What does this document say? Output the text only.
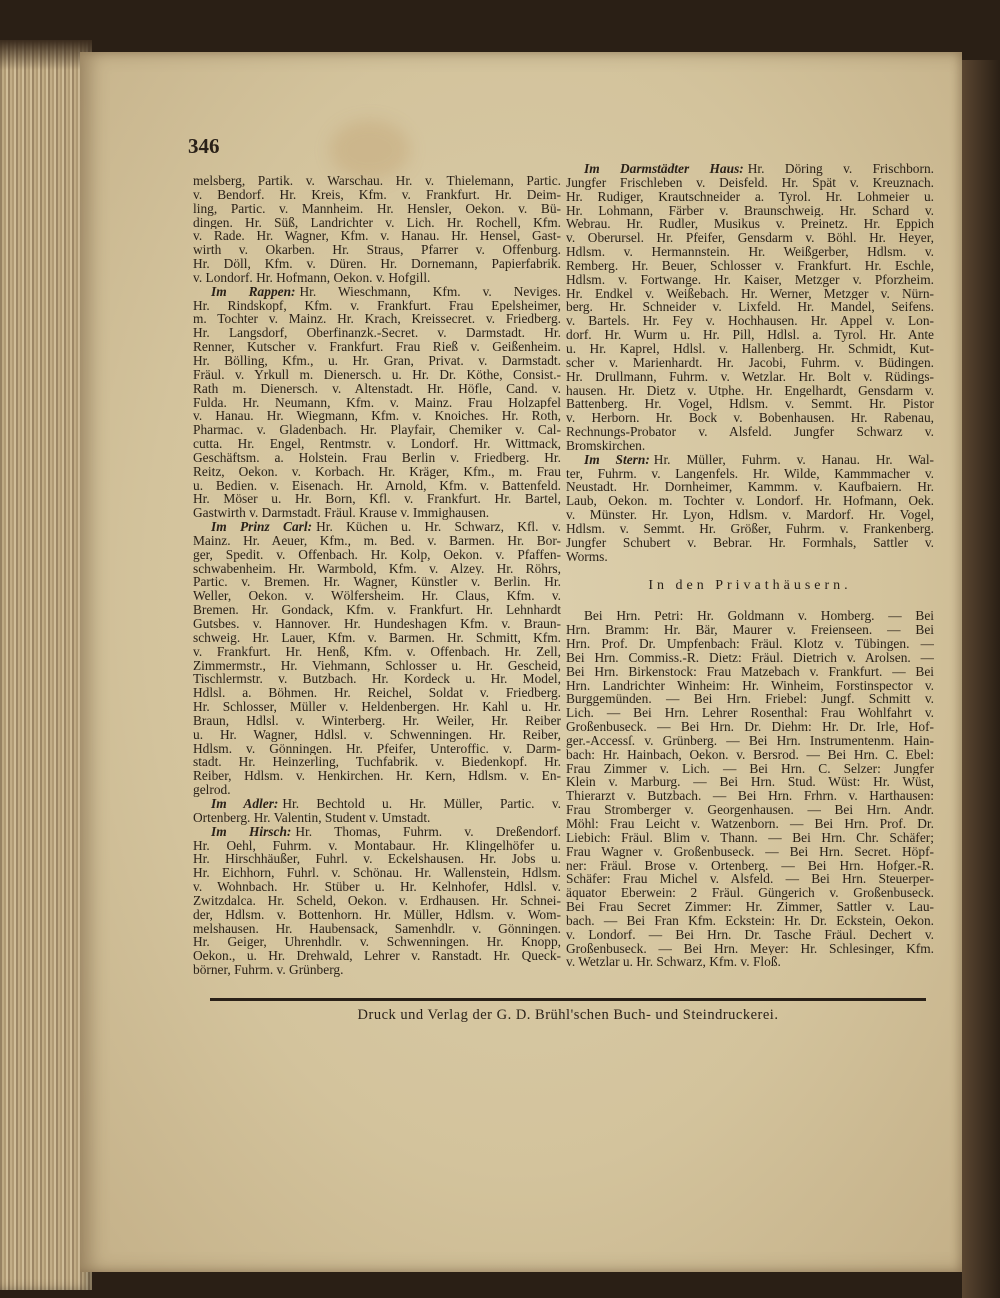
346
melsberg, Partik. v. Warschau. Hr. v. Thielemann, Partic.
v. Bendorf. Hr. Kreis, Kfm. v. Frankfurt. Hr. Deim-
ling, Partic. v. Mannheim. Hr. Hensler, Oekon. v. Bü-
dingen. Hr. Süß, Landrichter v. Lich. Hr. Rochell, Kfm.
v. Rade. Hr. Wagner, Kfm. v. Hanau. Hr. Hensel, Gast-
wirth v. Okarben. Hr. Straus, Pfarrer v. Offenburg.
Hr. Döll, Kfm. v. Düren. Hr. Dornemann, Papierfabrik.
v. Londorf. Hr. Hofmann, Oekon. v. Hofgill.
Im Rappen: Hr. Wieschmann, Kfm. v. Neviges.
Hr. Rindskopf, Kfm. v. Frankfurt. Frau Epelsheimer,
m. Tochter v. Mainz. Hr. Krach, Kreissecret. v. Friedberg.
Hr. Langsdorf, Oberfinanzk.-Secret. v. Darmstadt. Hr.
Renner, Kutscher v. Frankfurt. Frau Rieß v. Geißenheim.
Hr. Bölling, Kfm., u. Hr. Gran, Privat. v. Darmstadt.
Fräul. v. Yrkull m. Dienersch. u. Hr. Dr. Köthe, Consist.-
Rath m. Dienersch. v. Altenstadt. Hr. Höfle, Cand. v.
Fulda. Hr. Neumann, Kfm. v. Mainz. Frau Holzapfel
v. Hanau. Hr. Wiegmann, Kfm. v. Knoiches. Hr. Roth,
Pharmac. v. Gladenbach. Hr. Playfair, Chemiker v. Cal-
cutta. Hr. Engel, Rentmstr. v. Londorf. Hr. Wittmack,
Geschäftsm. a. Holstein. Frau Berlin v. Friedberg. Hr.
Reitz, Oekon. v. Korbach. Hr. Kräger, Kfm., m. Frau
u. Bedien. v. Eisenach. Hr. Arnold, Kfm. v. Battenfeld.
Hr. Möser u. Hr. Born, Kfl. v. Frankfurt. Hr. Bartel,
Gastwirth v. Darmstadt. Fräul. Krause v. Immighausen.
Im Prinz Carl: Hr. Küchen u. Hr. Schwarz, Kfl. v.
Mainz. Hr. Aeuer, Kfm., m. Bed. v. Barmen. Hr. Bor-
ger, Spedit. v. Offenbach. Hr. Kolp, Oekon. v. Pfaffen-
schwabenheim. Hr. Warmbold, Kfm. v. Alzey. Hr. Röhrs,
Partic. v. Bremen. Hr. Wagner, Künstler v. Berlin. Hr.
Weller, Oekon. v. Wölfersheim. Hr. Claus, Kfm. v.
Bremen. Hr. Gondack, Kfm. v. Frankfurt. Hr. Lehnhardt
Gutsbes. v. Hannover. Hr. Hundeshagen Kfm. v. Braun-
schweig. Hr. Lauer, Kfm. v. Barmen. Hr. Schmitt, Kfm.
v. Frankfurt. Hr. Henß, Kfm. v. Offenbach. Hr. Zell,
Zimmermstr., Hr. Viehmann, Schlosser u. Hr. Gescheid,
Tischlermstr. v. Butzbach. Hr. Kordeck u. Hr. Model,
Hdlsl. a. Böhmen. Hr. Reichel, Soldat v. Friedberg.
Hr. Schlosser, Müller v. Heldenbergen. Hr. Kahl u. Hr.
Braun, Hdlsl. v. Winterberg. Hr. Weiler, Hr. Reiber
u. Hr. Wagner, Hdlsl. v. Schwenningen. Hr. Reiber,
Hdlsm. v. Gönningen. Hr. Pfeifer, Unteroffic. v. Darm-
stadt. Hr. Heinzerling, Tuchfabrik. v. Biedenkopf. Hr.
Reiber, Hdlsm. v. Henkirchen. Hr. Kern, Hdlsm. v. En-
gelrod.
Im Adler: Hr. Bechtold u. Hr. Müller, Partic. v.
Ortenberg. Hr. Valentin, Student v. Umstadt.
Im Hirsch: Hr. Thomas, Fuhrm. v. Dreßendorf.
Hr. Oehl, Fuhrm. v. Montabaur. Hr. Klingelhöfer u.
Hr. Hirschhäußer, Fuhrl. v. Eckelshausen. Hr. Jobs u.
Hr. Eichhorn, Fuhrl. v. Schönau. Hr. Wallenstein, Hdlsm.
v. Wohnbach. Hr. Stüber u. Hr. Kelnhofer, Hdlsl. v.
Zwitzdalca. Hr. Scheld, Oekon. v. Erdhausen. Hr. Schnei-
der, Hdlsm. v. Bottenhorn. Hr. Müller, Hdlsm. v. Wom-
melshausen. Hr. Haubensack, Samenhdlr. v. Gönningen.
Hr. Geiger, Uhrenhdlr. v. Schwenningen. Hr. Knopp,
Oekon., u. Hr. Drehwald, Lehrer v. Ranstadt. Hr. Queck-
börner, Fuhrm. v. Grünberg.
Im Darmstädter Haus: Hr. Döring v. Frischborn.
Jungfer Frischleben v. Deisfeld. Hr. Spät v. Kreuznach.
Hr. Rudiger, Krautschneider a. Tyrol. Hr. Lohmeier u.
Hr. Lohmann, Färber v. Braunschweig. Hr. Schard v.
Webrau. Hr. Rudler, Musikus v. Preinetz. Hr. Eppich
v. Oberursel. Hr. Pfeifer, Gensdarm v. Böhl. Hr. Heyer,
Hdlsm. v. Hermannstein. Hr. Weißgerber, Hdlsm. v.
Remberg. Hr. Beuer, Schlosser v. Frankfurt. Hr. Eschle,
Hdlsm. v. Fortwange. Hr. Kaiser, Metzger v. Pforzheim.
Hr. Endkel v. Weißebach. Hr. Werner, Metzger v. Nürn-
berg. Hr. Schneider v. Lixfeld. Hr. Mandel, Seifens.
v. Bartels. Hr. Fey v. Hochhausen. Hr. Appel v. Lon-
dorf. Hr. Wurm u. Hr. Pill, Hdlsl. a. Tyrol. Hr. Ante
u. Hr. Kaprel, Hdlsl. v. Hallenberg. Hr. Schmidt, Kut-
scher v. Marienhardt. Hr. Jacobi, Fuhrm. v. Büdingen.
Hr. Drullmann, Fuhrm. v. Wetzlar. Hr. Bolt v. Rüdings-
hausen. Hr. Dietz v. Utphe. Hr. Engelhardt, Gensdarm v.
Battenberg. Hr. Vogel, Hdlsm. v. Semmt. Hr. Pistor
v. Herborn. Hr. Bock v. Bobenhausen. Hr. Rabenau,
Rechnungs-Probator v. Alsfeld. Jungfer Schwarz v.
Bromskirchen.
Im Stern: Hr. Müller, Fuhrm. v. Hanau. Hr. Wal-
ter, Fuhrm. v. Langenfels. Hr. Wilde, Kammmacher v.
Neustadt. Hr. Dornheimer, Kammm. v. Kaufbaiern. Hr.
Laub, Oekon. m. Tochter v. Londorf. Hr. Hofmann, Oek.
v. Münster. Hr. Lyon, Hdlsm. v. Mardorf. Hr. Vogel,
Hdlsm. v. Semmt. Hr. Größer, Fuhrm. v. Frankenberg.
Jungfer Schubert v. Bebrar. Hr. Formhals, Sattler v.
Worms.
In den Privathäusern.
Bei Hrn. Petri: Hr. Goldmann v. Homberg. — Bei
Hrn. Bramm: Hr. Bär, Maurer v. Freienseen. — Bei
Hrn. Prof. Dr. Umpfenbach: Fräul. Klotz v. Tübingen. —
Bei Hrn. Commiss.-R. Dietz: Fräul. Dietrich v. Arolsen. —
Bei Hrn. Birkenstock: Frau Matzebach v. Frankfurt. — Bei
Hrn. Landrichter Winheim: Hr. Winheim, Forstinspector v.
Burggemünden. — Bei Hrn. Friebel: Jungf. Schmitt v.
Lich. — Bei Hrn. Lehrer Rosenthal: Frau Wohlfahrt v.
Großenbuseck. — Bei Hrn. Dr. Diehm: Hr. Dr. Irle, Hof-
ger.-Accessſ. v. Grünberg. — Bei Hrn. Instrumentenm. Hain-
bach: Hr. Hainbach, Oekon. v. Bersrod. — Bei Hrn. C. Ebel:
Frau Zimmer v. Lich. — Bei Hrn. C. Selzer: Jungfer
Klein v. Marburg. — Bei Hrn. Stud. Wüst: Hr. Wüst,
Thierarzt v. Butzbach. — Bei Hrn. Frhrn. v. Harthausen:
Frau Stromberger v. Georgenhausen. — Bei Hrn. Andr.
Möhl: Frau Leicht v. Watzenborn. — Bei Hrn. Prof. Dr.
Liebich: Fräul. Blim v. Thann. — Bei Hrn. Chr. Schäfer;
Frau Wagner v. Großenbuseck. — Bei Hrn. Secret. Höpf-
ner: Fräul. Brose v. Ortenberg. — Bei Hrn. Hofger.-R.
Schäfer: Frau Michel v. Alsfeld. — Bei Hrn. Steuerper-
äquator Eberwein: 2 Fräul. Güngerich v. Großenbuseck.
Bei Frau Secret Zimmer: Hr. Zimmer, Sattler v. Lau-
bach. — Bei Fran Kfm. Eckstein: Hr. Dr. Eckstein, Oekon.
v. Londorf. — Bei Hrn. Dr. Tasche Fräul. Dechert v.
Großenbuseck. — Bei Hrn. Meyer: Hr. Schlesinger, Kfm.
v. Wetzlar u. Hr. Schwarz, Kfm. v. Floß.
Druck und Verlag der G. D. Brühl'schen Buch- und Steindruckerei.
